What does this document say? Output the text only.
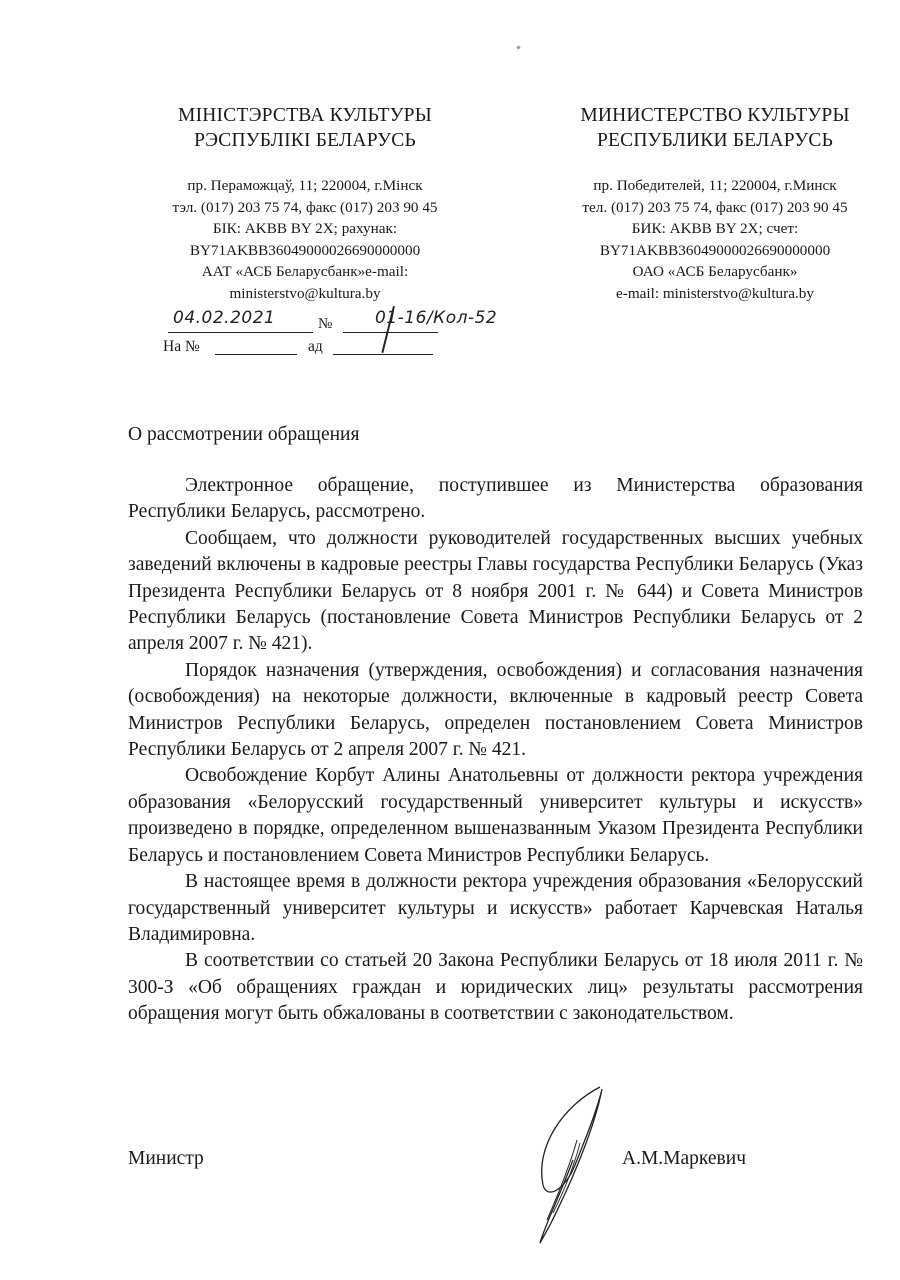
МІНІСТЭРСТВА КУЛЬТУРЫ
РЭСПУБЛІКІ БЕЛАРУСЬ
пр. Пераможцаў, 11; 220004, г.Мінск
тэл. (017) 203 75 74, факс (017) 203 90 45
БІК: AKBB BY 2X; рахунак:
BY71AKBB36049000026690000000
ААТ «АСБ Беларусбанк»e-mail:
ministerstvo@kultura.by
МИНИСТЕРСТВО КУЛЬТУРЫ
РЕСПУБЛИКИ БЕЛАРУСЬ
пр. Победителей, 11; 220004, г.Минск
тел. (017) 203 75 74, факс (017) 203 90 45
БИК: AKBB BY 2X; счет:
BY71AKBB36049000026690000000
ОАО «АСБ Беларусбанк»
e-mail: ministerstvo@kultura.by
04.02.2021	№	01-16/Кол-52
На №	ад
О рассмотрении обращения

Электронное обращение, поступившее из Министерства образования Республики Беларусь, рассмотрено.

Сообщаем, что должности руководителей государственных высших учебных заведений включены в кадровые реестры Главы государства Республики Беларусь (Указ Президента Республики Беларусь от 8 ноября 2001 г. № 644) и Совета Министров Республики Беларусь (постановление Совета Министров Республики Беларусь от 2 апреля 2007 г. № 421).

Порядок назначения (утверждения, освобождения) и согласования назначения (освобождения) на некоторые должности, включенные в кадровый реестр Совета Министров Республики Беларусь, определен постановлением Совета Министров Республики Беларусь от 2 апреля 2007 г. № 421.

Освобождение Корбут Алины Анатольевны от должности ректора учреждения образования «Белорусский государственный университет культуры и искусств» произведено в порядке, определенном вышеназванным Указом Президента Республики Беларусь и постановлением Совета Министров Республики Беларусь.

В настоящее время в должности ректора учреждения образования «Белорусский государственный университет культуры и искусств» работает Карчевская Наталья Владимировна.

В соответствии со статьей 20 Закона Республики Беларусь от 18 июля 2011 г. № 300-З «Об обращениях граждан и юридических лиц» результаты рассмотрения обращения могут быть обжалованы в соответствии с законодательством.

Министр	А.М.Маркевич
